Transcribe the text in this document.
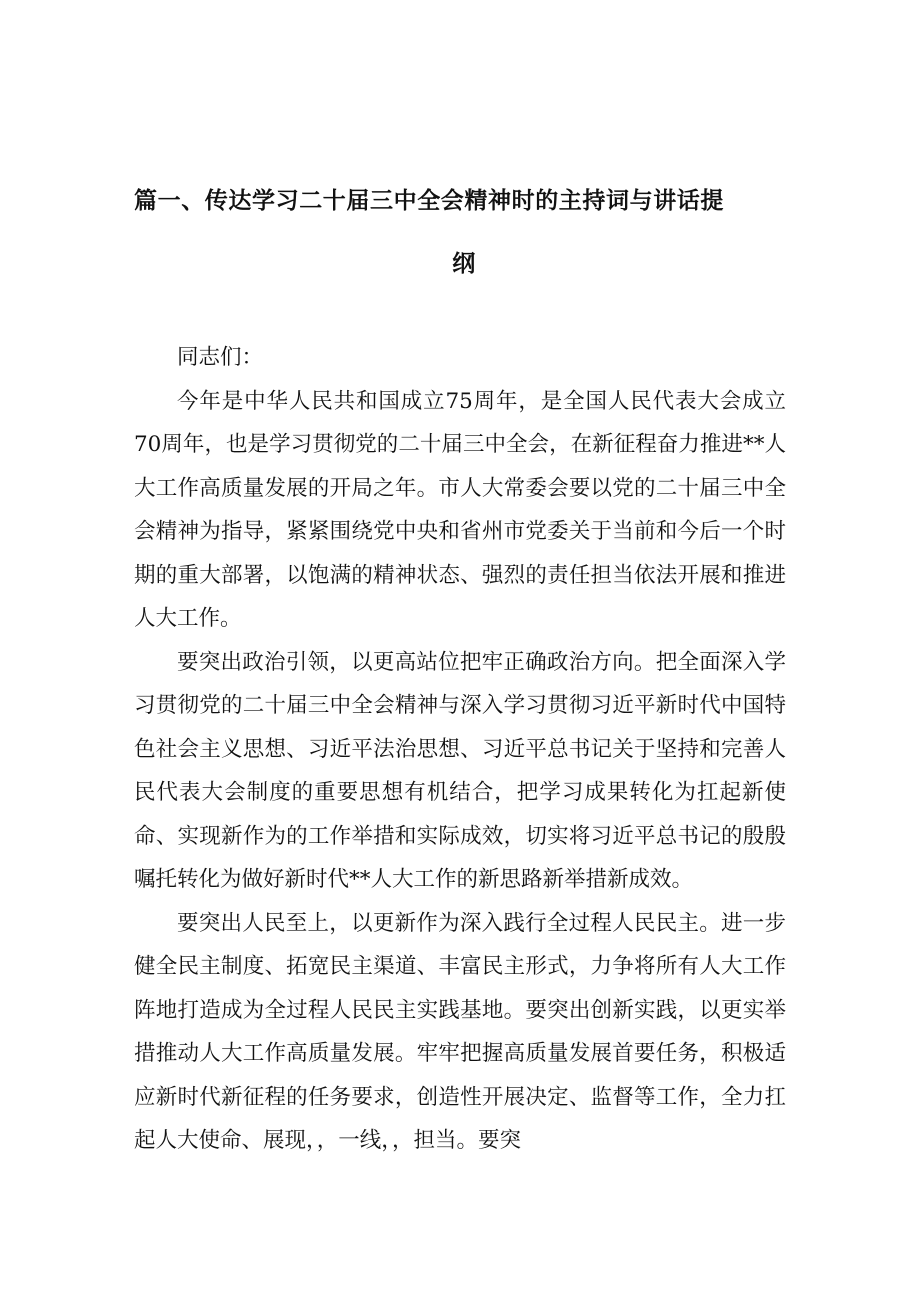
篇一、传达学习二十届三中全会精神时的主持词与讲话提
纲

同志们：

今年是中华人民共和国成立75周年，是全国人民代表大会成立70周年，也是学习贯彻党的二十届三中全会，在新征程奋力推进**人大工作高质量发展的开局之年。市人大常委会要以党的二十届三中全会精神为指导，紧紧围绕党中央和省州市党委关于当前和今后一个时期的重大部署，以饱满的精神状态、强烈的责任担当依法开展和推进人大工作。

要突出政治引领，以更高站位把牢正确政治方向。把全面深入学习贯彻党的二十届三中全会精神与深入学习贯彻习近平新时代中国特色社会主义思想、习近平法治思想、习近平总书记关于坚持和完善人民代表大会制度的重要思想有机结合，把学习成果转化为扛起新使命、实现新作为的工作举措和实际成效，切实将习近平总书记的殷殷嘱托转化为做好新时代**人大工作的新思路新举措新成效。

要突出人民至上，以更新作为深入践行全过程人民民主。进一步健全民主制度、拓宽民主渠道、丰富民主形式，力争将所有人大工作阵地打造成为全过程人民民主实践基地。要突出创新实践，以更实举措推动人大工作高质量发展。牢牢把握高质量发展首要任务，积极适应新时代新征程的任务要求，创造性开展决定、监督等工作，全力扛起人大使命、展现，，一线，，担当。要突
